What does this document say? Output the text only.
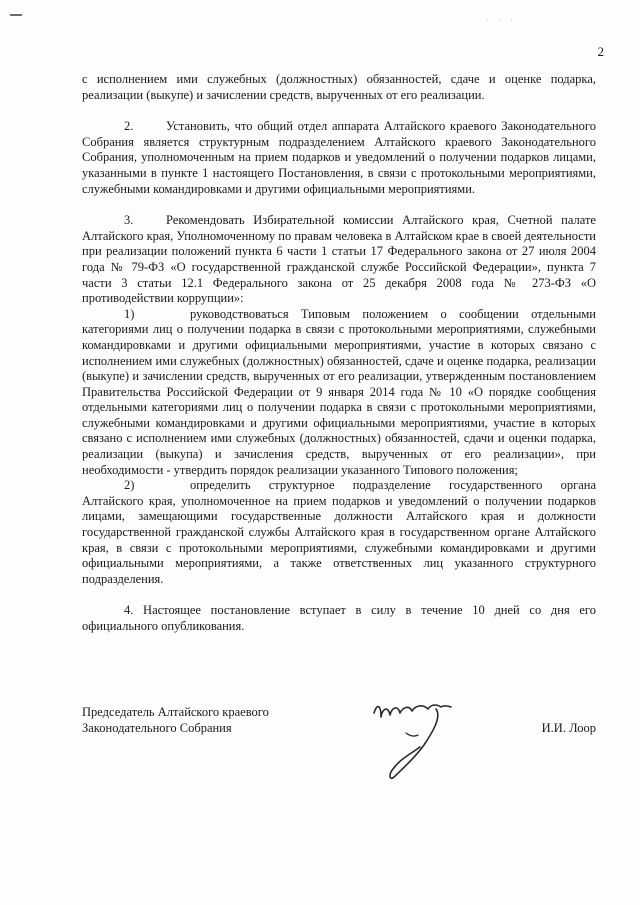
· · ·
2

с исполнением ими служебных (должностных) обязанностей, сдаче и оценке подарка, реализации (выкупе) и зачислении средств, вырученных от его реализации.

2.	Установить, что общий отдел аппарата Алтайского краевого Законодательного Собрания является структурным подразделением Алтайского краевого Законодательного Собрания, уполномоченным на прием подарков и уведомлений о получении подарков лицами, указанными в пункте 1 настоящего Постановления, в связи с протокольными мероприятиями, служебными командировками и другими официальными мероприятиями.

3.	Рекомендовать Избирательной комиссии Алтайского края, Счетной палате Алтайского края, Уполномоченному по правам человека в Алтайском крае в своей деятельности при реализации положений пункта 6 части 1 статьи 17 Федерального закона от 27 июля 2004 года № 79-ФЗ «О государственной гражданской службе Российской Федерации», пункта 7 части 3 статьи 12.1 Федерального закона от 25 декабря 2008 года № 273-ФЗ «О противодействии коррупции»:

1)	руководствоваться Типовым положением о сообщении отдельными категориями лиц о получении подарка в связи с протокольными мероприятиями, служебными командировками и другими официальными мероприятиями, участие в которых связано с исполнением ими служебных (должностных) обязанностей, сдаче и оценке подарка, реализации (выкупе) и зачислении средств, вырученных от его реализации, утвержденным постановлением Правительства Российской Федерации от 9 января 2014 года № 10 «О порядке сообщения отдельными категориями лиц о получении подарка в связи с протокольными мероприятиями, служебными командировками и другими официальными мероприятиями, участие в которых связано с исполнением ими служебных (должностных) обязанностей, сдачи и оценки подарка, реализации (выкупа) и зачисления средств, вырученных от его реализации», при необходимости - утвердить порядок реализации указанного Типового положения;

2)	определить структурное подразделение государственного органа Алтайского края, уполномоченное на прием подарков и уведомлений о получении подарков лицами, замещающими государственные должности Алтайского края и должности государственной гражданской службы Алтайского края в государственном органе Алтайского края, в связи с протокольными мероприятиями, служебными командировками и другими официальными мероприятиями, а также ответственных лиц указанного структурного подразделения.

4. Настоящее постановление вступает в силу в течение 10 дней со дня его официального опубликования.

Председатель Алтайского краевого Законодательного Собрания	И.И. Лоор
